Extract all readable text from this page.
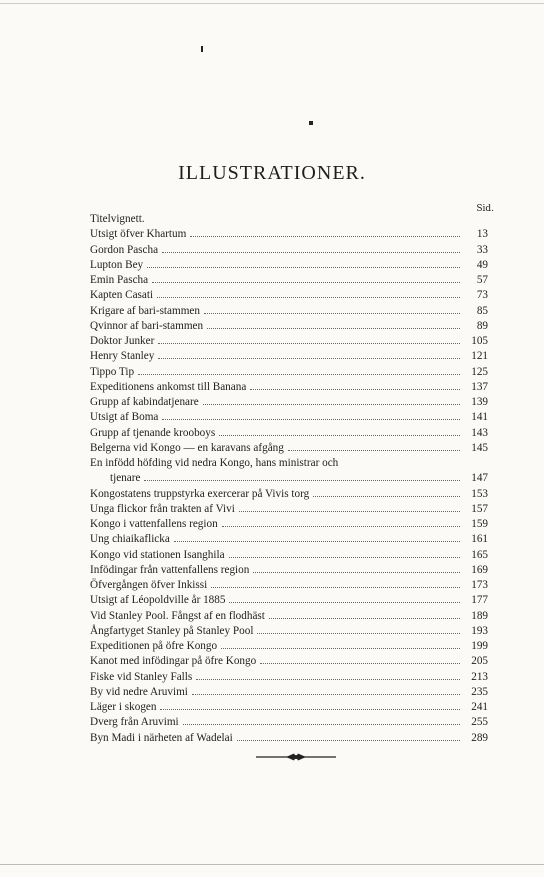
ILLUSTRATIONER.
Sid.
Titelvignett.
Utsigt öfver Khartum	13
Gordon Pascha	33
Lupton Bey	49
Emin Pascha	57
Kapten Casati	73
Krigare af bari-stammen	85
Qvinnor af bari-stammen	89
Doktor Junker	105
Henry Stanley	121
Tippo Tip	125
Expeditionens ankomst till Banana	137
Grupp af kabindatjenare	139
Utsigt af Boma	141
Grupp af tjenande krooboys	143
Belgerna vid Kongo — en karavans afgång	145
En infödd höfding vid nedra Kongo, hans ministrar och
tjenare	147
Kongostatens truppstyrka exercerar på Vivis torg	153
Unga flickor från trakten af Vivi	157
Kongo i vattenfallens region	159
Ung chiaikaflicka	161
Kongo vid stationen Isanghila	165
Infödingar från vattenfallens region	169
Öfvergången öfver Inkissi	173
Utsigt af Léopoldville år 1885	177
Vid Stanley Pool. Fångst af en flodhäst	189
Ångfartyget Stanley på Stanley Pool	193
Expeditionen på öfre Kongo	199
Kanot med infödingar på öfre Kongo	205
Fiske vid Stanley Falls	213
By vid nedre Aruvimi	235
Läger i skogen	241
Dverg från Aruvimi	255
Byn Madi i närheten af Wadelai	289
